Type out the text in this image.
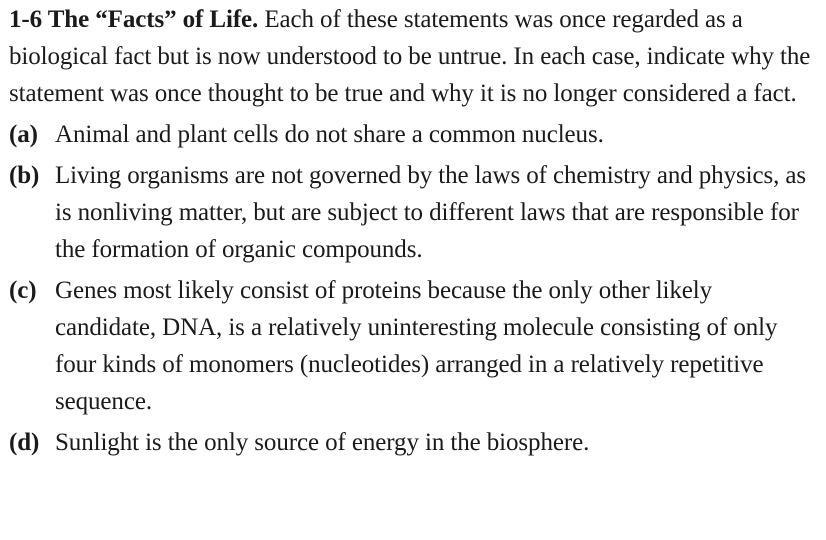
1-6 The “Facts” of Life. Each of these statements was once regarded as a biological fact but is now understood to be untrue. In each case, indicate why the statement was once thought to be true and why it is no longer considered a fact.

(a) Animal and plant cells do not share a common nucleus.
(b) Living organisms are not governed by the laws of chemistry and physics, as is nonliving matter, but are subject to different laws that are responsible for the formation of organic compounds.
(c) Genes most likely consist of proteins because the only other likely candidate, DNA, is a relatively uninteresting molecule consisting of only four kinds of monomers (nucleotides) arranged in a relatively repetitive sequence.
(d) Sunlight is the only source of energy in the biosphere.
